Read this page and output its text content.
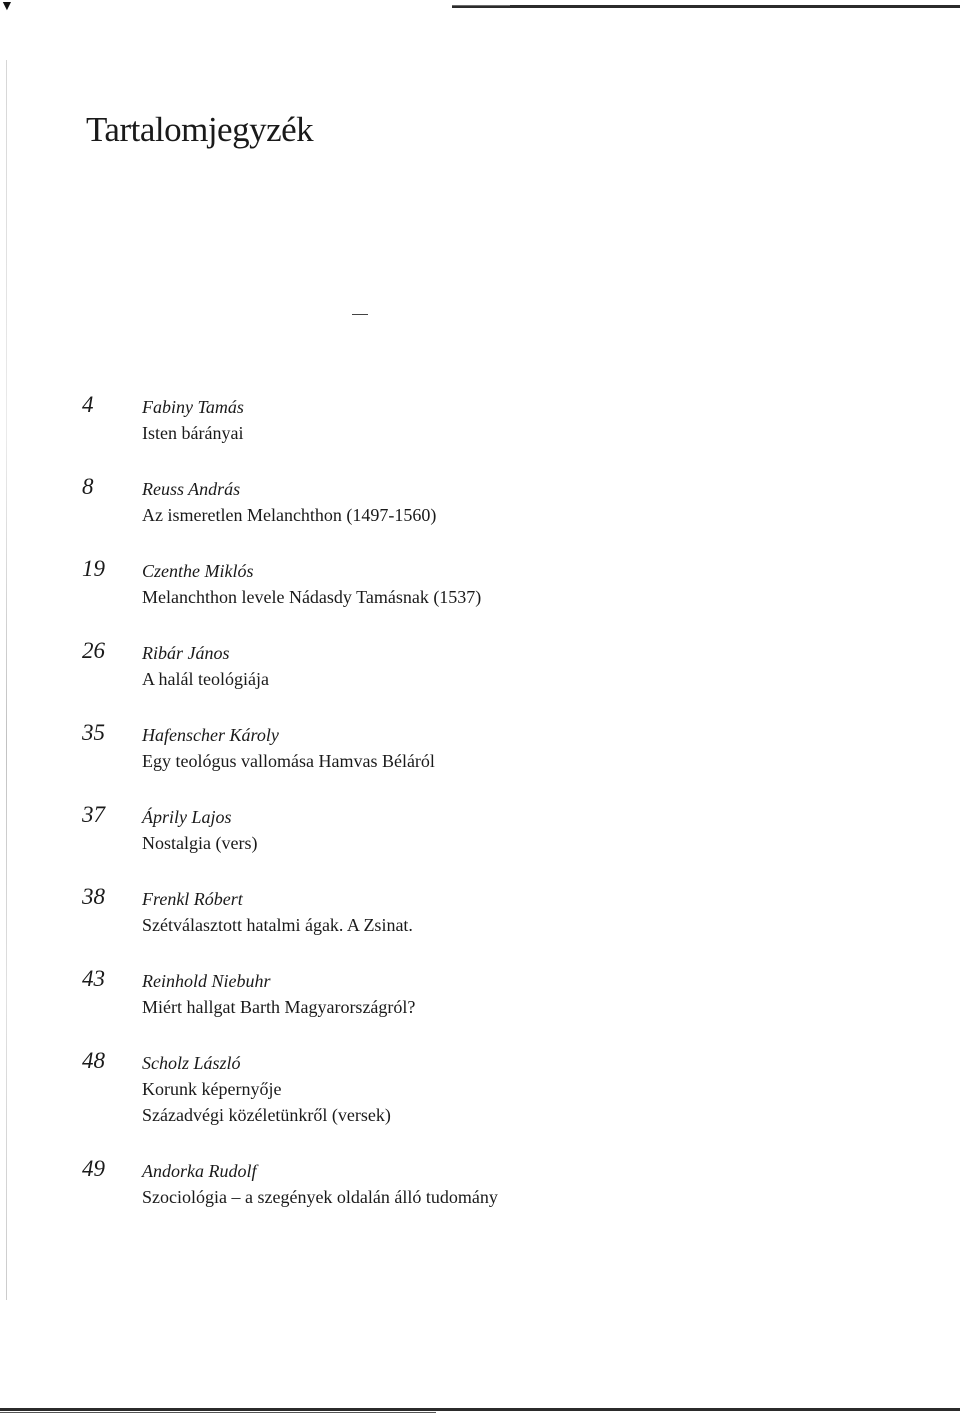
▼
Tartalomjegyzék
4	Fabiny Tamás
Isten bárányai
8	Reuss András
Az ismeretlen Melanchthon (1497-1560)
19	Czenthe Miklós
Melanchthon levele Nádasdy Tamásnak (1537)
26	Ribár János
A halál teológiája
35	Hafenscher Károly
Egy teológus vallomása Hamvas Béláról
37	Áprily Lajos
Nostalgia (vers)
38	Frenkl Róbert
Szétválasztott hatalmi ágak. A Zsinat.
43	Reinhold Niebuhr
Miért hallgat Barth Magyarországról?
48	Scholz László
Korunk képernyője
Századvégi közéletünkről (versek)
49	Andorka Rudolf
Szociológia – a szegények oldalán álló tudomány
